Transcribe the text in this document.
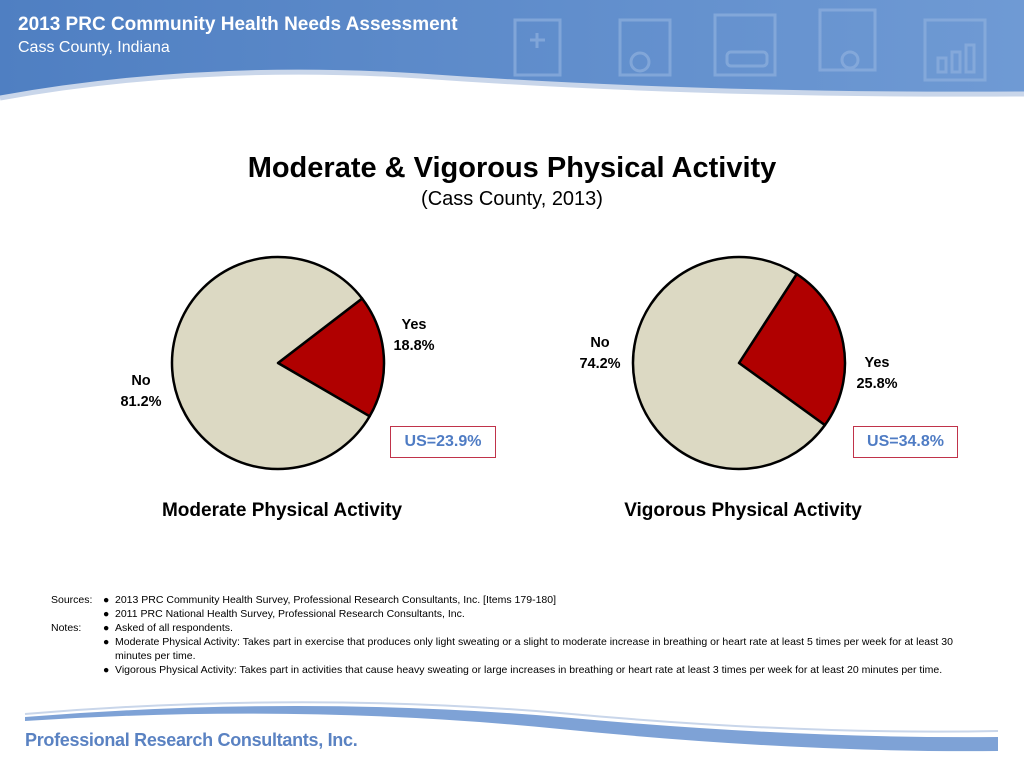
2013 PRC Community Health Needs Assessment
Cass County, Indiana
Moderate & Vigorous Physical Activity
(Cass County, 2013)
Yes
18.8%
No
81.2%
US=23.9%
Moderate Physical Activity
Yes
25.8%
No
74.2%
US=34.8%
Vigorous Physical Activity
Sources:	● 2013 PRC Community Health Survey, Professional Research Consultants, Inc. [Items 179-180]
● 2011 PRC National Health Survey, Professional Research Consultants, Inc.
Notes:	● Asked of all respondents.
● Moderate Physical Activity: Takes part in exercise that produces only light sweating or a slight to moderate increase in breathing or heart rate at least 5 times per week for at least 30 minutes per time.
● Vigorous Physical Activity: Takes part in activities that cause heavy sweating or large increases in breathing or heart rate at least 3 times per week for at least 20 minutes per time.
Professional Research Consultants, Inc.
